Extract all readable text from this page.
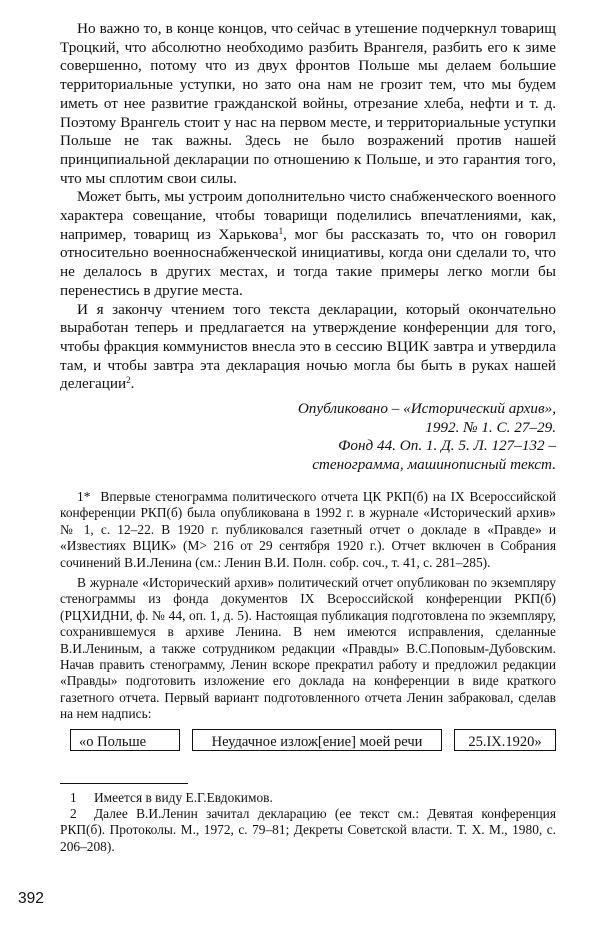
Но важно то, в конце концов, что сейчас в утешение подчеркнул товарищ Троцкий, что абсолютно необходимо разбить Врангеля, разбить его к зиме совершенно, потому что из двух фронтов Польше мы делаем большие территориальные уступки, но зато она нам не грозит тем, что мы будем иметь от нее развитие гражданской войны, отрезание хлеба, нефти и т. д. Поэтому Врангель стоит у нас на первом месте, и территориальные уступки Польше не так важны. Здесь не было возражений против нашей принципиальной декларации по отношению к Польше, и это гарантия того, что мы сплотим свои силы.

Может быть, мы устроим дополнительно чисто снабженческого военного характера совещание, чтобы товарищи поделились впечатлениями, как, например, товарищ из Харькова$^1$, мог бы рассказать то, что он говорил относительно военноснабженческой инициативы, когда они сделали то, что не делалось в других местах, и тогда такие примеры легко могли бы перенестись в другие места.

И я закончу чтением того текста декларации, который окончательно выработан теперь и предлагается на утверждение конференции для того, чтобы фракция коммунистов внесла это в сессию ВЦИК завтра и утвердила там, и чтобы завтра эта декларация ночью могла бы быть в руках нашей делегации$^2$.

Опубликовано – «Исторический архив»,

1992. № 1. С. 27–29.

Фонд 44. Оп. 1. Д. 5. Л. 127–132 –

стенограмма, машинописный текст.

1* Впервые стенограмма политического отчета ЦК РКП(б) на IX Всероссийской конференции РКП(б) была опубликована в 1992 г. в журнале «Исторический архив» № 1, с. 12–22. В 1920 г. публиковался газетный отчет о докладе в «Правде» и «Известиях ВЦИК» (М> 216 от 29 сентября 1920 г.). Отчет включен в Собрания сочинений В.И.Ленина (см.: Ленин В.И. Полн. собр. соч., т. 41, с. 281–285).

В журнале «Исторический архив» политический отчет опубликован по экземпляру стенограммы из фонда документов IX Всероссийской конференции РКП(б) (РЦХИДНИ, ф. № 44, оп. 1, д. 5). Настоящая публикация подготовлена по экземпляру, сохранившемуся в архиве Ленина. В нем имеются исправления, сделанные В.И.Лениным, а также сотрудником редакции «Правды» В.С.Поповым-Дубовским. Начав править стенограмму, Ленин вскоре прекратил работу и предложил редакции «Правды» подготовить изложение его доклада на конференции в виде краткого газетного отчета. Первый вариант подготовленного отчета Ленин забраковал, сделав на нем надпись:

«о Польше	Неудачное излож[ение] моей речи	25.IX.1920»

1 Имеется в виду Е.Г.Евдокимов.

2 Далее В.И.Ленин зачитал декларацию (ее текст см.: Девятая конференция РКП(б). Протоколы. М., 1972, с. 79–81; Декреты Советской власти. Т. Х. М., 1980, с. 206–208).

392
